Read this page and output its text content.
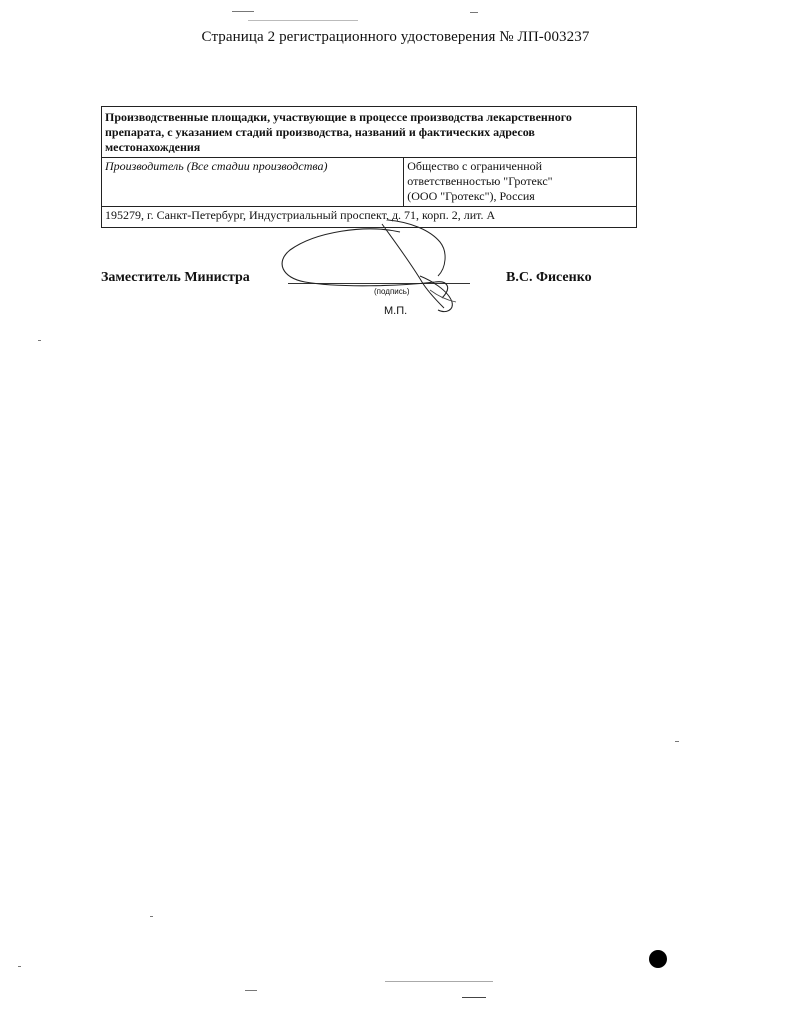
Страница 2 регистрационного удостоверения № ЛП-003237
Производственные площадки, участвующие в процессе производства лекарственного препарата, с указанием стадий производства, названий и фактических адресов местонахождения
Производитель (Все стадии производства)	Общество с ограниченной
ответственностью "Гротекс"
(ООО "Гротекс"), Россия

195279, г. Санкт-Петербург, Индустриальный проспект, д. 71, корп. 2, лит. А
Заместитель Министра	В.С. Фисенко
(подпись)
М.П.
